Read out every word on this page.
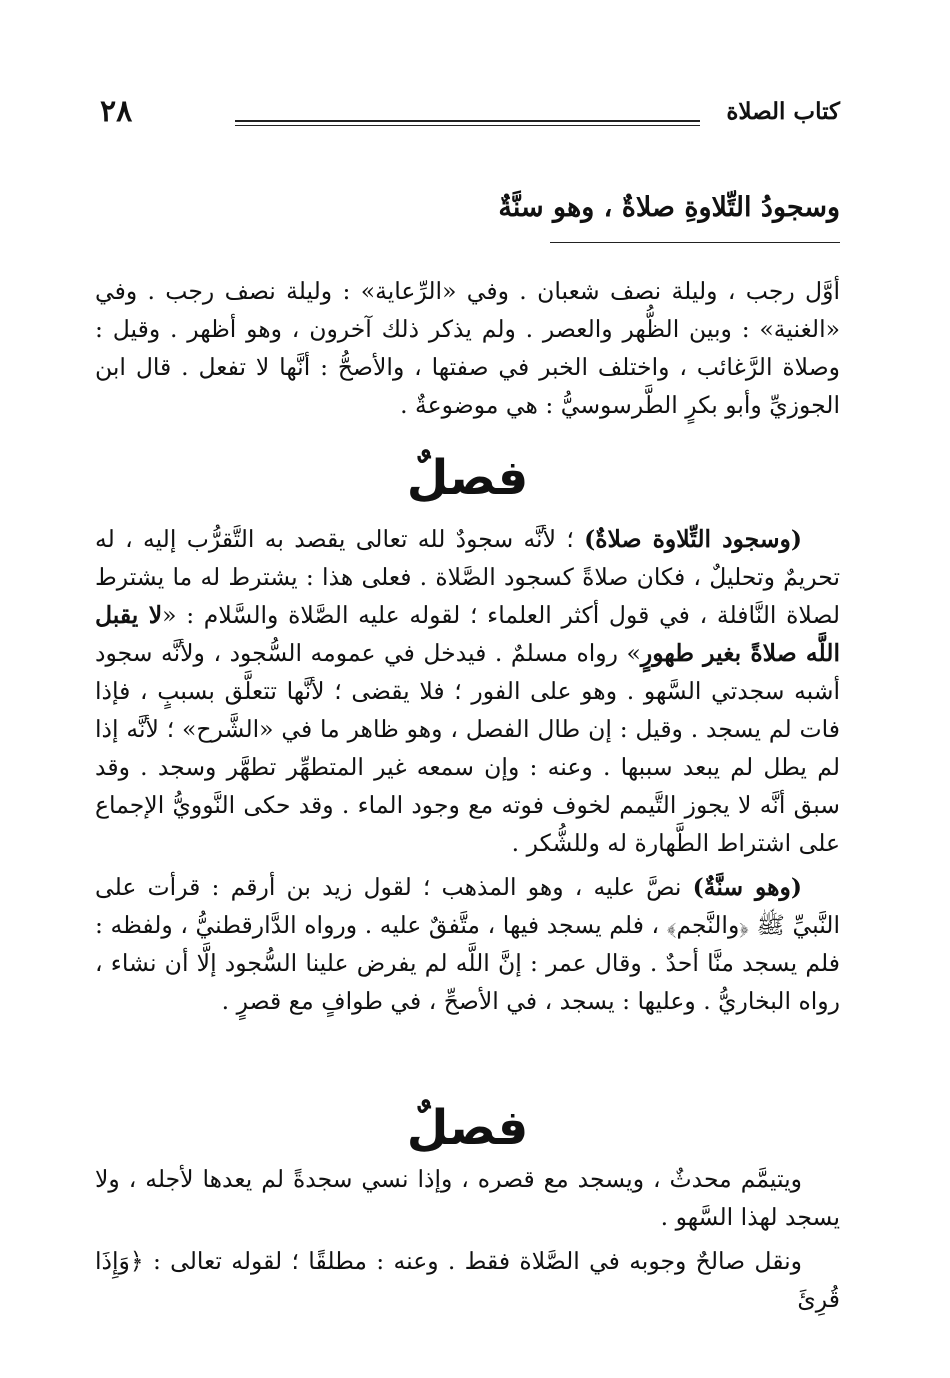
٢٨	كتاب الصلاة
وسجودُ التِّلاوةِ صلاةٌ ، وهو سنَّةٌ

أوَّل رجب ، وليلة نصف شعبان . وفي «الرِّعاية» : وليلة نصف رجب . وفي «الغنية» : وبين الظُّهر والعصر . ولم يذكر ذلك آخرون ، وهو أظهر . وقيل : وصلاة الرَّغائب ، واختلف الخبر في صفتها ، والأصحُّ : أنَّها لا تفعل . قال ابن الجوزيِّ وأبو بكرٍ الطَّرسوسيُّ : هي موضوعةٌ .

فصلٌ

(وسجود التِّلاوة صلاةٌ) ؛ لأنَّه سجودٌ لله تعالى يقصد به التَّقرُّب إليه ، له تحريمٌ وتحليلٌ ، فكان صلاةً كسجود الصَّلاة . فعلى هذا : يشترط له ما يشترط لصلاة النَّافلة ، في قول أكثر العلماء ؛ لقوله عليه الصَّلاة والسَّلام : «لا يقبل اللَّه صلاةً بغير طهورٍ» رواه مسلمٌ . فيدخل في عمومه السُّجود ، ولأنَّه سجود أشبه سجدتي السَّهو . وهو على الفور ؛ فلا يقضى ؛ لأنَّها تتعلَّق بسببٍ ، فإذا فات لم يسجد . وقيل : إن طال الفصل ، وهو ظاهر ما في «الشَّرح» ؛ لأنَّه إذا لم يطل لم يبعد سببها . وعنه : وإن سمعه غير المتطهِّر تطهَّر وسجد . وقد سبق أنَّه لا يجوز التَّيمم لخوف فوته مع وجود الماء . وقد حكى النَّوويُّ الإجماع على اشتراط الطَّهارة له وللشُّكر .

(وهو سنَّةٌ) نصَّ عليه ، وهو المذهب ؛ لقول زيد بن أرقم : قرأت على النَّبيِّ ﷺ ﴿والنَّجم﴾ ، فلم يسجد فيها ، متَّفقٌ عليه . ورواه الدَّارقطنيُّ ، ولفظه : فلم يسجد منَّا أحدٌ . وقال عمر : إنَّ اللَّه لم يفرض علينا السُّجود إلَّا أن نشاء ، رواه البخاريُّ . وعليها : يسجد ، في الأصحِّ ، في طوافٍ مع قصرٍ .

فصلٌ

ويتيمَّم محدثٌ ، ويسجد مع قصره ، وإذا نسي سجدةً لم يعدها لأجله ، ولا يسجد لهذا السَّهو .

ونقل صالحٌ وجوبه في الصَّلاة فقط . وعنه : مطلقًا ؛ لقوله تعالى : ﴿وَإِذَا قُرِئَ
